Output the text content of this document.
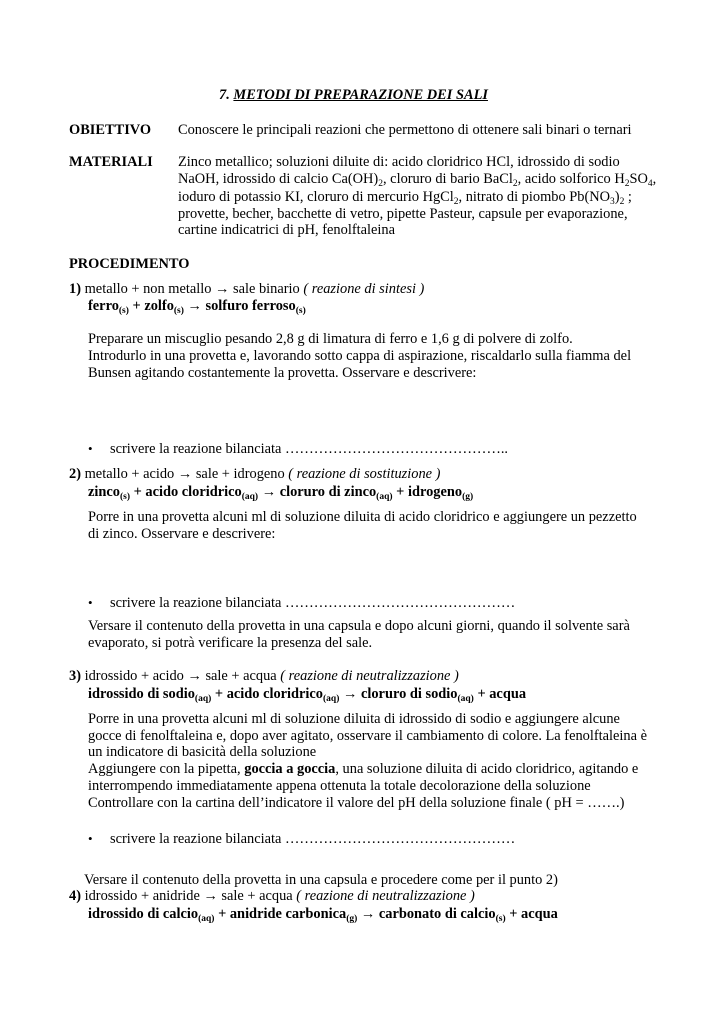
7. METODI DI PREPARAZIONE DEI SALI
OBIETTIVO Conoscere le principali reazioni che permettono di ottenere sali binari o ternari
MATERIALI Zinco metallico; soluzioni diluite di: acido cloridrico HCl, idrossido di sodio
NaOH, idrossido di calcio $Ca(OH)_2$, cloruro di bario BaCl$_2$, acido solforico $H_2SO_4$,
ioduro di potassio KI, cloruro di mercurio HgCl$_2$, nitrato di piombo $Pb(NO_3)_2$ ;
provette, becher, bacchette di vetro, pipette Pasteur, capsule per evaporazione,
cartine indicatrici di pH, fenolftaleina
PROCEDIMENTO
1) metallo + non metallo → sale binario ( reazione di sintesi )
ferro$_{(s)}$ + zolfo$_{(s)}$ → solfuro ferroso$_{(s)}$
Preparare un miscuglio pesando 2,8 g di limatura di ferro e 1,6 g di polvere di zolfo.
Introdurlo in una provetta e, lavorando sotto cappa di aspirazione, riscaldarlo sulla fiamma del
Bunsen agitando costantemente la provetta. Osservare e descrivere:
• scrivere la reazione bilanciata ………………………………………..
2) metallo + acido → sale + idrogeno ( reazione di sostituzione )
zinco$_{(s)}$ + acido cloridrico$_{(aq)}$ → cloruro di zinco$_{(aq)}$ + idrogeno$_{(g)}$
Porre in una provetta alcuni ml di soluzione diluita di acido cloridrico e aggiungere un pezzetto
di zinco. Osservare e descrivere:
• scrivere la reazione bilanciata …………………………………………
Versare il contenuto della provetta in una capsula e dopo alcuni giorni, quando il solvente sarà
evaporato, si potrà verificare la presenza del sale.
3) idrossido + acido → sale + acqua ( reazione di neutralizzazione )
idrossido di sodio$_{(aq)}$ + acido cloridrico$_{(aq)}$ → cloruro di sodio$_{(aq)}$ + acqua
Porre in una provetta alcuni ml di soluzione diluita di idrossido di sodio e aggiungere alcune
gocce di fenolftaleina e, dopo aver agitato, osservare il cambiamento di colore. La fenolftaleina è
un indicatore di basicità della soluzione
Aggiungere con la pipetta, goccia a goccia, una soluzione diluita di acido cloridrico, agitando e
interrompendo immediatamente appena ottenuta la totale decolorazione della soluzione
Controllare con la cartina dell’indicatore il valore del pH della soluzione finale ( pH = …….)
• scrivere la reazione bilanciata …………………………………………
Versare il contenuto della provetta in una capsula e procedere come per il punto 2)
4) idrossido + anidride → sale + acqua ( reazione di neutralizzazione )
idrossido di calcio$_{(aq)}$ + anidride carbonica$_{(g)}$ → carbonato di calcio$_{(s)}$ + acqua
